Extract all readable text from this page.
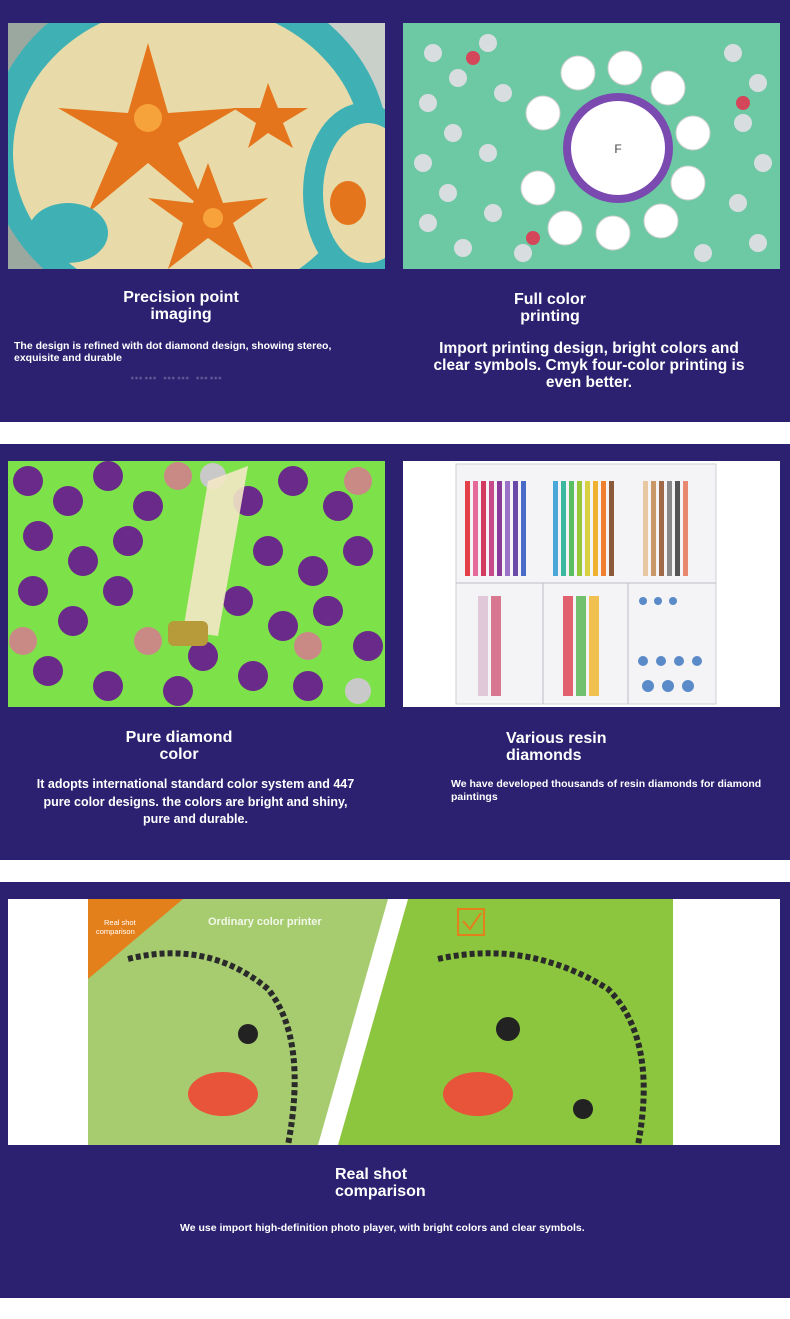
F
Precision point
imaging
The design is refined with dot diamond design, showing stereo, exquisite and durable
…… …… ……
Full color
printing
Import printing design, bright colors and clear symbols. Cmyk four-color printing is even better.
Pure diamond
color
It adopts international standard color system and 447 pure color designs. the colors are bright and shiny, pure and durable.
Various resin
diamonds
We have developed thousands of resin diamonds for diamond paintings
Real shot comparison
Ordinary color printer
Real shot
comparison
We use import high-definition photo player, with bright colors and clear symbols.
